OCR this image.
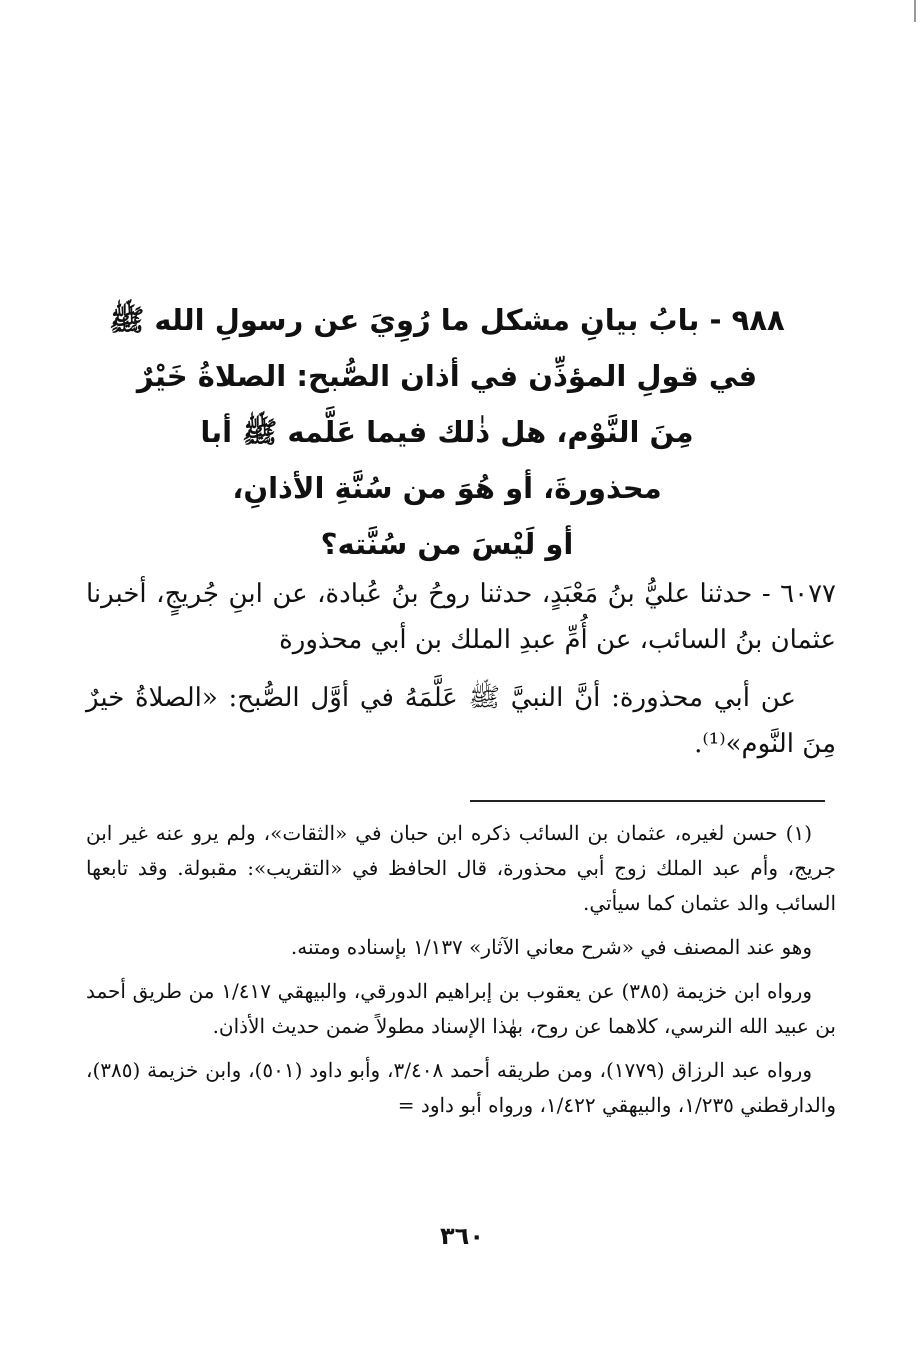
٩٨٨ - بابُ بيانِ مشكل ما رُوِيَ عن رسولِ الله ﷺ
في قولِ المؤذِّن في أذان الصُّبح: الصلاةُ خَيْرٌ
مِنَ النَّوْم، هل ذٰلك فيما عَلَّمه ﷺ أبا
محذورةَ، أو هُوَ من سُنَّةِ الأذانِ،
أو لَيْسَ من سُنَّته؟

٦٠٧٧ - حدثنا عليُّ بنُ مَعْبَدٍ، حدثنا روحُ بنُ عُبادة، عن ابنِ جُريجٍ، أخبرنا عثمان بنُ السائب، عن أُمِّ عبدِ الملك بن أبي محذورة

عن أبي محذورة: أنَّ النبيَّ ﷺ عَلَّمَهُ في أوَّل الصُّبح: «الصلاةُ خيرٌ مِنَ النَّوم»⁽¹⁾.

(١) حسن لغيره، عثمان بن السائب ذكره ابن حبان في «الثقات»، ولم يرو عنه غير ابن جريج، وأم عبد الملك زوج أبي محذورة، قال الحافظ في «التقريب»: مقبولة. وقد تابعها السائب والد عثمان كما سيأتي.

وهو عند المصنف في «شرح معاني الآثار» ١/١٣٧ بإسناده ومتنه.

ورواه ابن خزيمة (٣٨٥) عن يعقوب بن إبراهيم الدورقي، والبيهقي ١/٤١٧ من طريق أحمد بن عبيد الله النرسي، كلاهما عن روح، بهٰذا الإسناد مطولاً ضمن حديث الأذان.

ورواه عبد الرزاق (١٧٧٩)، ومن طريقه أحمد ٣/٤٠٨، وأبو داود (٥٠١)، وابن خزيمة (٣٨٥)، والدارقطني ١/٢٣٥، والبيهقي ١/٤٢٢، ورواه أبو داود =

٣٦٠
